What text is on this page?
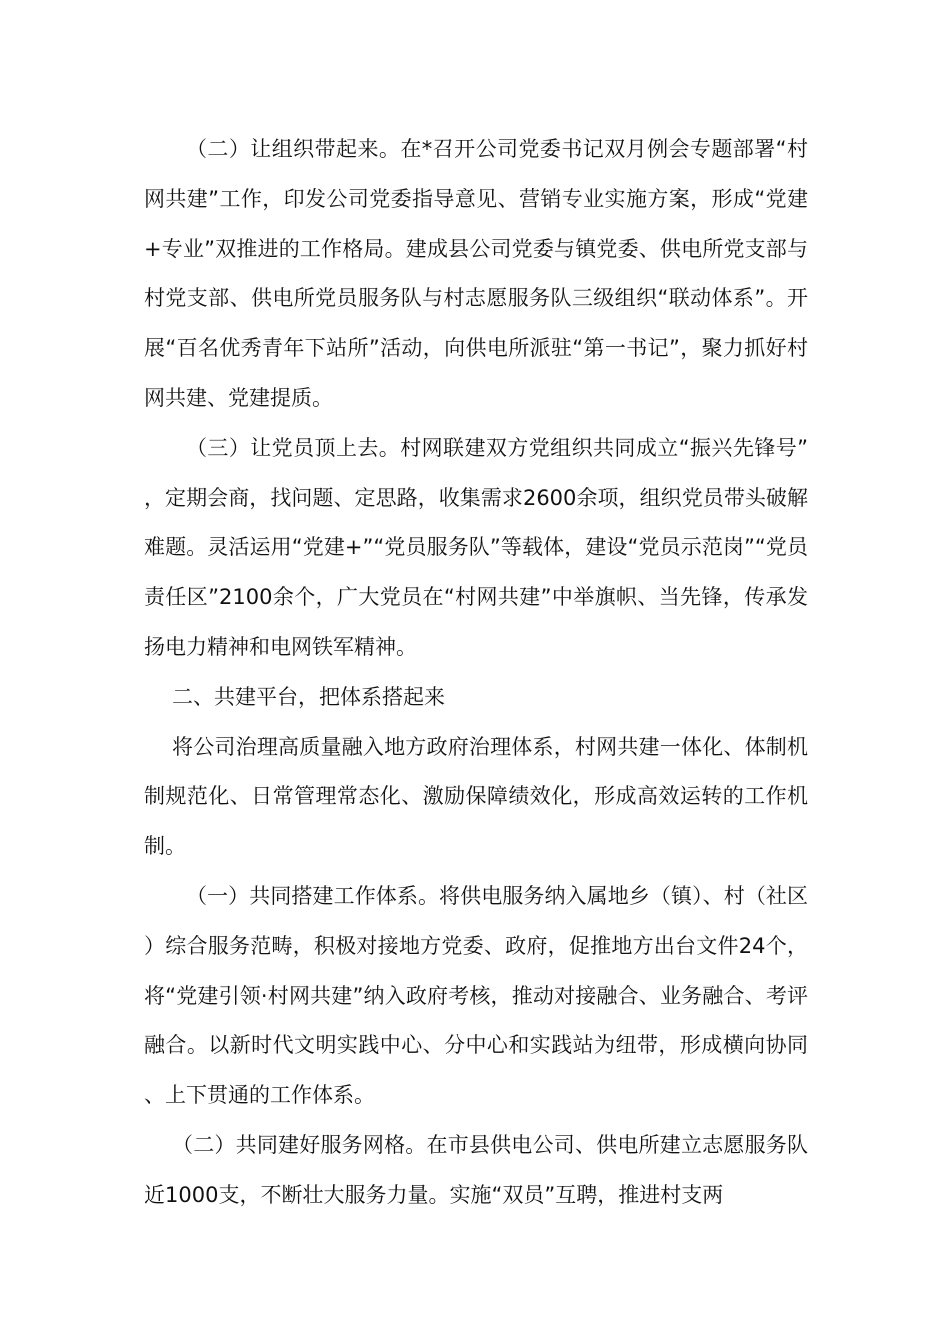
（二）让组织带起来。在*召开公司党委书记双月例会专题部署“村网共建”工作，印发公司党委指导意见、营销专业实施方案，形成“党建+专业”双推进的工作格局。建成县公司党委与镇党委、供电所党支部与村党支部、供电所党员服务队与村志愿服务队三级组织“联动体系”。开展“百名优秀青年下站所”活动，向供电所派驻“第一书记”，聚力抓好村网共建、党建提质。

（三）让党员顶上去。村网联建双方党组织共同成立“振兴先锋号”，定期会商，找问题、定思路，收集需求2600余项，组织党员带头破解难题。灵活运用“党建+”“党员服务队”等载体，建设“党员示范岗”“党员责任区”2100余个，广大党员在“村网共建”中举旗帜、当先锋，传承发扬电力精神和电网铁军精神。

二、共建平台，把体系搭起来

将公司治理高质量融入地方政府治理体系，村网共建一体化、体制机制规范化、日常管理常态化、激励保障绩效化，形成高效运转的工作机制。

（一）共同搭建工作体系。将供电服务纳入属地乡（镇）、村（社区）综合服务范畴，积极对接地方党委、政府，促推地方出台文件24个，将“党建引领·村网共建”纳入政府考核，推动对接融合、业务融合、考评融合。以新时代文明实践中心、分中心和实践站为纽带，形成横向协同、上下贯通的工作体系。

（二）共同建好服务网格。在市县供电公司、供电所建立志愿服务队近1000支，不断壮大服务力量。实施“双员”互聘，推进村支两
